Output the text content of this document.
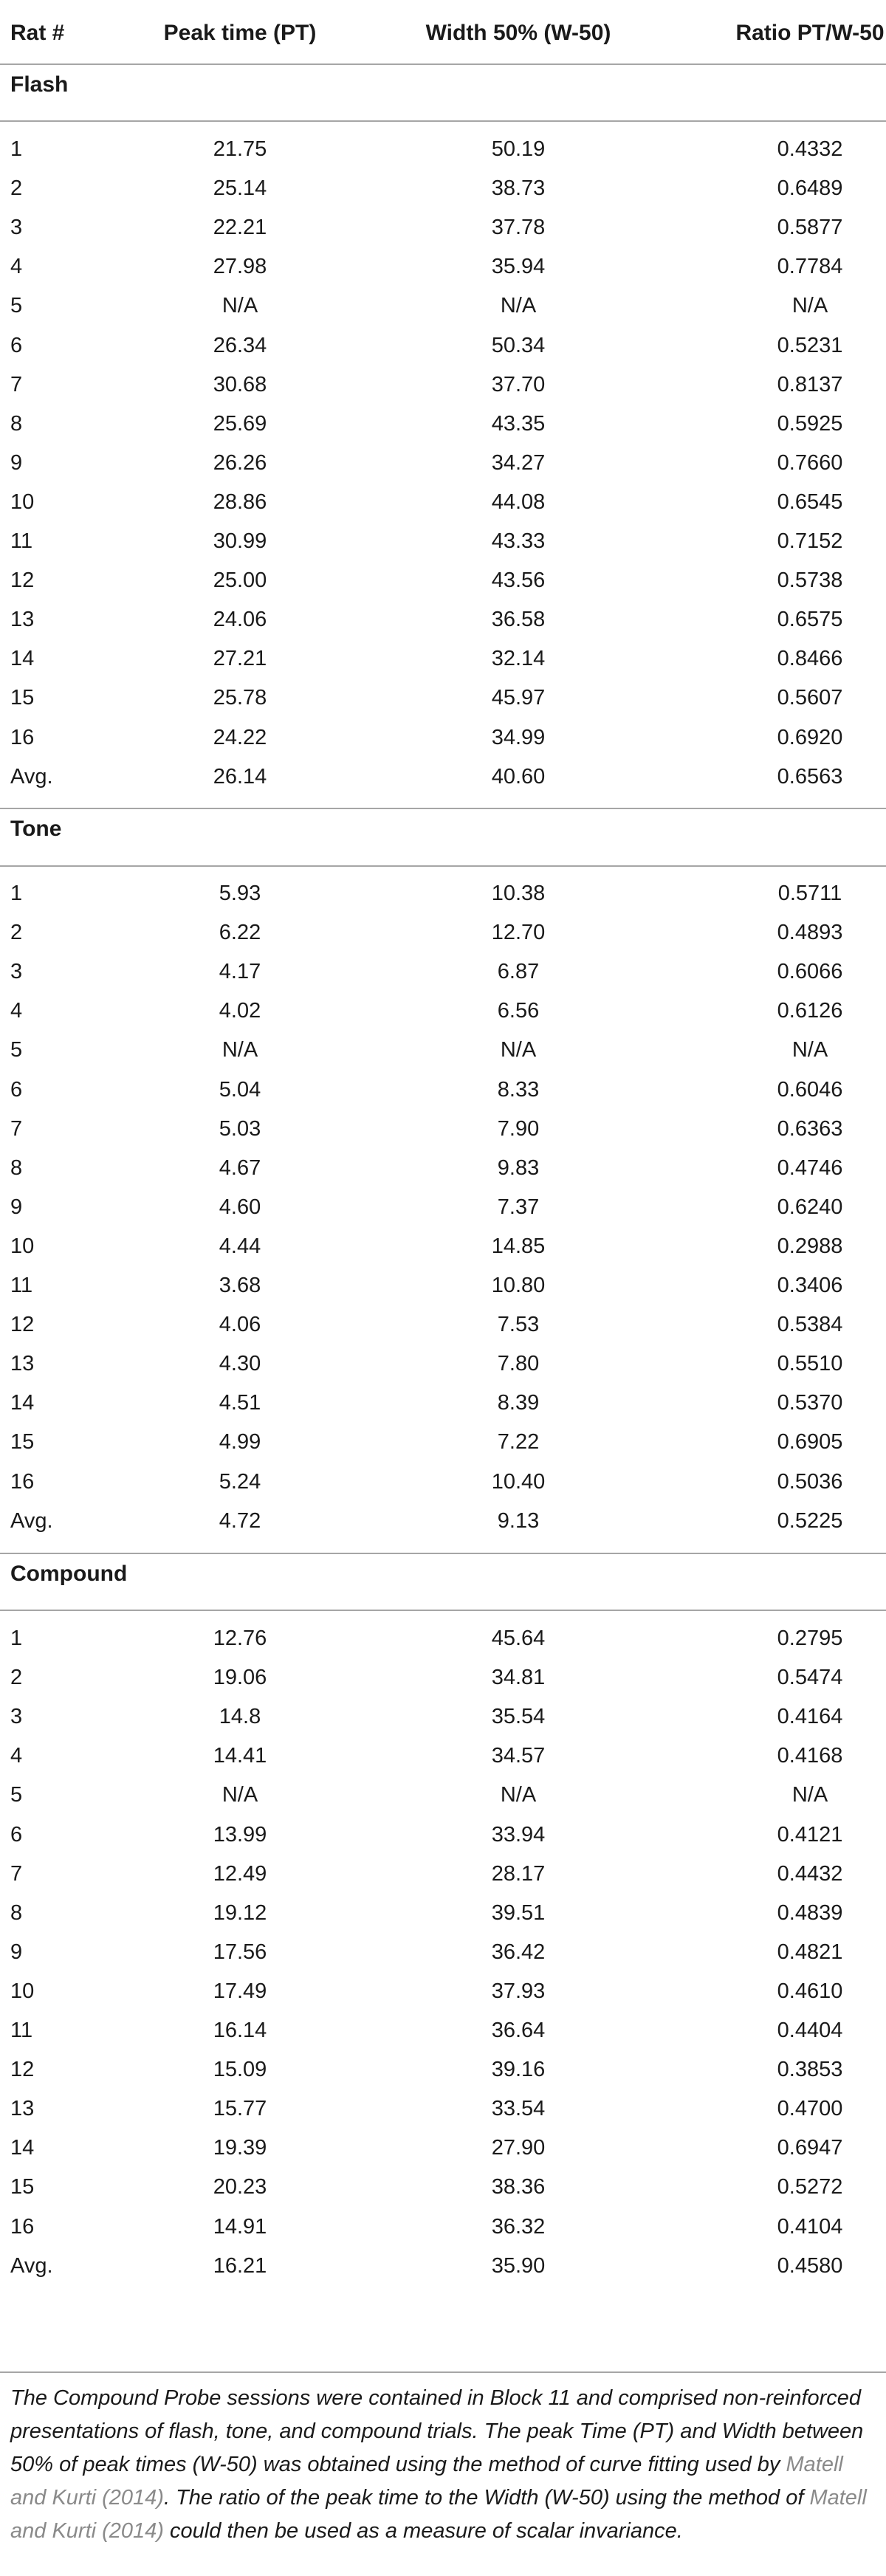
Rat #	Peak time (PT)	Width 50% (W-50)	Ratio PT/W-50
Flash
1	21.75	50.19	0.4332
2	25.14	38.73	0.6489
3	22.21	37.78	0.5877
4	27.98	35.94	0.7784
5	N/A	N/A	N/A
6	26.34	50.34	0.5231
7	30.68	37.70	0.8137
8	25.69	43.35	0.5925
9	26.26	34.27	0.7660
10	28.86	44.08	0.6545
11	30.99	43.33	0.7152
12	25.00	43.56	0.5738
13	24.06	36.58	0.6575
14	27.21	32.14	0.8466
15	25.78	45.97	0.5607
16	24.22	34.99	0.6920
Avg.	26.14	40.60	0.6563
Tone
1	5.93	10.38	0.5711
2	6.22	12.70	0.4893
3	4.17	6.87	0.6066
4	4.02	6.56	0.6126
5	N/A	N/A	N/A
6	5.04	8.33	0.6046
7	5.03	7.90	0.6363
8	4.67	9.83	0.4746
9	4.60	7.37	0.6240
10	4.44	14.85	0.2988
11	3.68	10.80	0.3406
12	4.06	7.53	0.5384
13	4.30	7.80	0.5510
14	4.51	8.39	0.5370
15	4.99	7.22	0.6905
16	5.24	10.40	0.5036
Avg.	4.72	9.13	0.5225
Compound
1	12.76	45.64	0.2795
2	19.06	34.81	0.5474
3	14.8	35.54	0.4164
4	14.41	34.57	0.4168
5	N/A	N/A	N/A
6	13.99	33.94	0.4121
7	12.49	28.17	0.4432
8	19.12	39.51	0.4839
9	17.56	36.42	0.4821
10	17.49	37.93	0.4610
11	16.14	36.64	0.4404
12	15.09	39.16	0.3853
13	15.77	33.54	0.4700
14	19.39	27.90	0.6947
15	20.23	38.36	0.5272
16	14.91	36.32	0.4104
Avg.	16.21	35.90	0.4580
The Compound Probe sessions were contained in Block 11 and comprised non-reinforced presentations of flash, tone, and compound trials. The peak Time (PT) and Width between 50% of peak times (W-50) was obtained using the method of curve fitting used by Matell and Kurti (2014). The ratio of the peak time to the Width (W-50) using the method of Matell and Kurti (2014) could then be used as a measure of scalar invariance.
